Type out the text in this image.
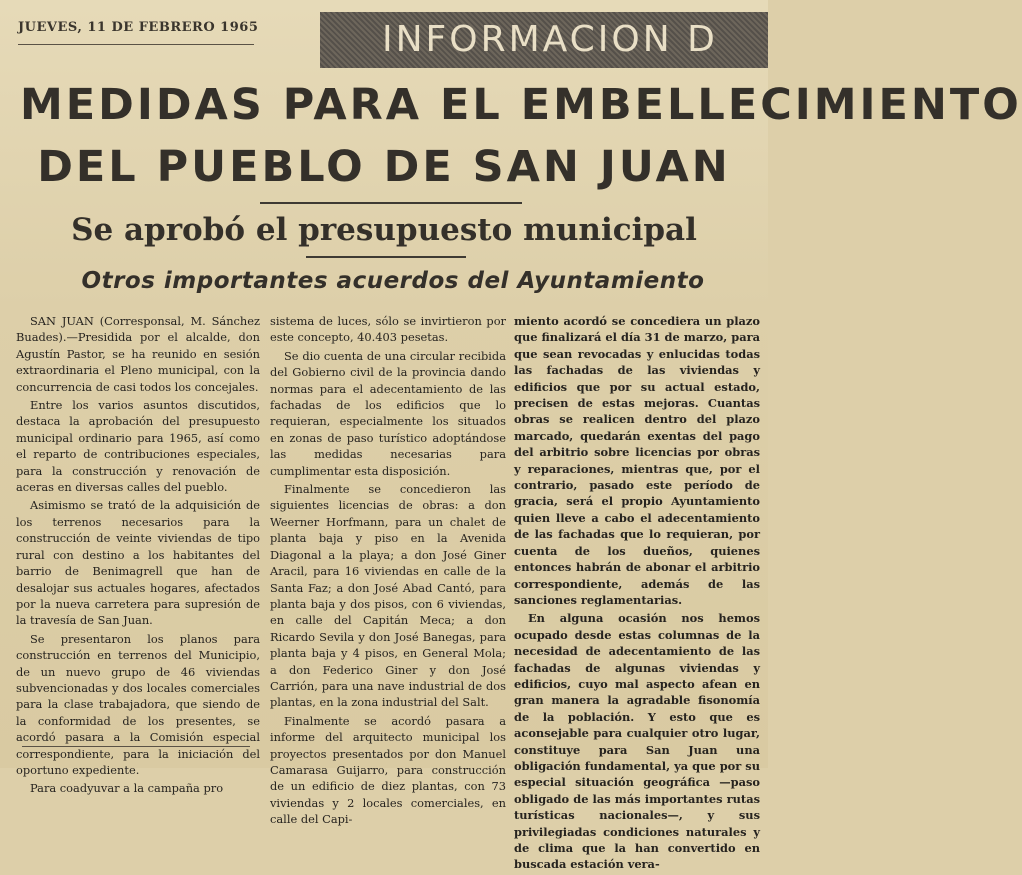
JUEVES, 11 DE FEBRERO 1965	INFORMACION D
MEDIDAS PARA EL EMBELLECIMIENTO
DEL PUEBLO DE SAN JUAN
Se aprobó el presupuesto municipal
Otros importantes acuerdos del Ayuntamiento

SAN JUAN (Corresponsal, M. Sánchez Buades).—Presidida por el alcalde, don Agustín Pastor, se ha reunido en sesión extraordinaria el Pleno municipal, con la concurrencia de casi todos los concejales.

Entre los varios asuntos discutidos, destaca la aprobación del presupuesto municipal ordinario para 1965, así como el reparto de contribuciones especiales, para la construcción y renovación de aceras en diversas calles del pueblo.

Asimismo se trató de la adquisición de los terrenos necesarios para la construcción de veinte viviendas de tipo rural con destino a los habitantes del barrio de Benimagrell que han de desalojar sus actuales hogares, afectados por la nueva carretera para supresión de la travesía de San Juan.

Se presentaron los planos para construcción en terrenos del Municipio, de un nuevo grupo de 46 viviendas subvencionadas y dos locales comerciales para la clase trabajadora, que siendo de la conformidad de los presentes, se acordó pasara a la Comisión especial correspondiente, para la iniciación del oportuno expediente.

Para coadyuvar a la campaña pro

sistema de luces, sólo se invirtieron por este concepto, 40.403 pesetas.

Se dio cuenta de una circular recibida del Gobierno civil de la provincia dando normas para el adecentamiento de las fachadas de los edificios que lo requieran, especialmente los situados en zonas de paso turístico adoptándose las medidas necesarias para cumplimentar esta disposición.

Finalmente se concedieron las siguientes licencias de obras: a don Weerner Horfmann, para un chalet de planta baja y piso en la Avenida Diagonal a la playa; a don José Giner Aracil, para 16 viviendas en calle de la Santa Faz; a don José Abad Cantó, para planta baja y dos pisos, con 6 viviendas, en calle del Capitán Meca; a don Ricardo Sevila y don José Banegas, para planta baja y 4 pisos, en General Mola; a don Federico Giner y don José Carrión, para una nave industrial de dos plantas, en la zona industrial del Salt.

Finalmente se acordó pasara a informe del arquitecto municipal los proyectos presentados por don Manuel Camarasa Guijarro, para construcción de un edificio de diez plantas, con 73 viviendas y 2 locales comerciales, en calle del Capi-

miento acordó se concediera un plazo que finalizará el día 31 de marzo, para que sean revocadas y enlucidas todas las fachadas de las viviendas y edificios que por su actual estado, precisen de estas mejoras. Cuantas obras se realicen dentro del plazo marcado, quedarán exentas del pago del arbitrio sobre licencias por obras y reparaciones, mientras que, por el contrario, pasado este período de gracia, será el propio Ayuntamiento quien lleve a cabo el adecentamiento de las fachadas que lo requieran, por cuenta de los dueños, quienes entonces habrán de abonar el arbitrio correspondiente, además de las sanciones reglamentarias.

En alguna ocasión nos hemos ocupado desde estas columnas de la necesidad de adecentamiento de las fachadas de algunas viviendas y edificios, cuyo mal aspecto afean en gran manera la agradable fisonomía de la población. Y esto que es aconsejable para cualquier otro lugar, constituye para San Juan una obligación fundamental, ya que por su especial situación geográfica —paso obligado de las más importantes rutas turísticas nacionales—, y sus privilegiadas condiciones naturales y de clima que la han convertido en buscada estación vera-
